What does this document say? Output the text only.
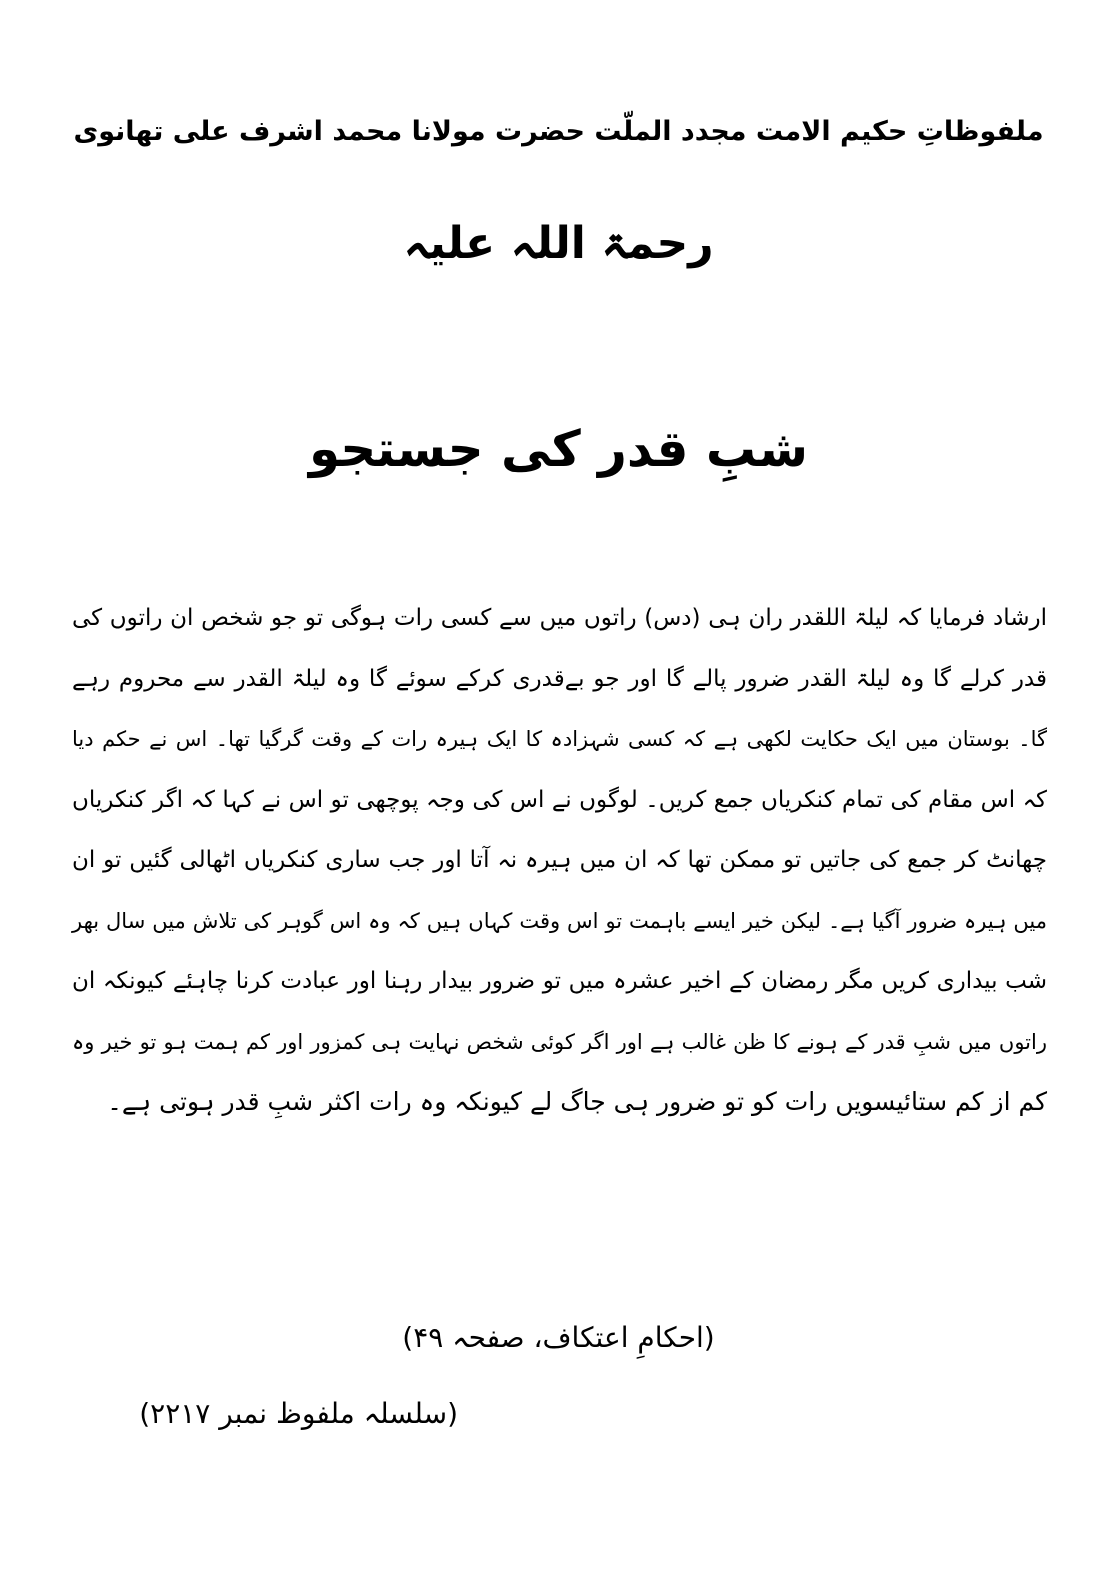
ملفوظاتِ حکیم الامت مجدد الملّت حضرت مولانا محمد اشرف علی تھانوی
رحمۃ اللہ علیہ
شبِ قدر کی جستجو
ارشاد فرمایا کہ لیلۃ اللقدر ران ہی (دس) راتوں میں سے کسی رات ہوگی تو جو شخص ان راتوں کی
قدر کرلے گا وہ لیلۃ القدر ضرور پالے گا اور جو بےقدری کرکے سوئے گا وہ لیلۃ القدر سے محروم رہے
گا۔ بوستان میں ایک حکایت لکھی ہے کہ کسی شہزادہ کا ایک ہیرہ رات کے وقت گرگیا تھا۔ اس نے حکم دیا
کہ اس مقام کی تمام کنکریاں جمع کریں۔ لوگوں نے اس کی وجہ پوچھی تو اس نے کہا کہ اگر کنکریاں
چھانٹ کر جمع کی جاتیں تو ممکن تھا کہ ان میں ہیرہ نہ آتا اور جب ساری کنکریاں اٹھالی گئیں تو ان
میں ہیرہ ضرور آگیا ہے۔ لیکن خیر ایسے باہمت تو اس وقت کہاں ہیں کہ وہ اس گوہر کی تلاش میں سال بھر
شب بیداری کریں مگر رمضان کے اخیر عشرہ میں تو ضرور بیدار رہنا اور عبادت کرنا چاہئے کیونکہ ان
راتوں میں شبِ قدر کے ہونے کا ظن غالب ہے اور اگر کوئی شخص نہایت ہی کمزور اور کم ہمت ہو تو خیر وہ
کم از کم ستائیسویں رات کو تو ضرور ہی جاگ لے کیونکہ وہ رات اکثر شبِ قدر ہوتی ہے۔
(احکامِ اعتکاف، صفحہ ۴۹)
(سلسلہ ملفوظ نمبر ۲۲۱۷)
